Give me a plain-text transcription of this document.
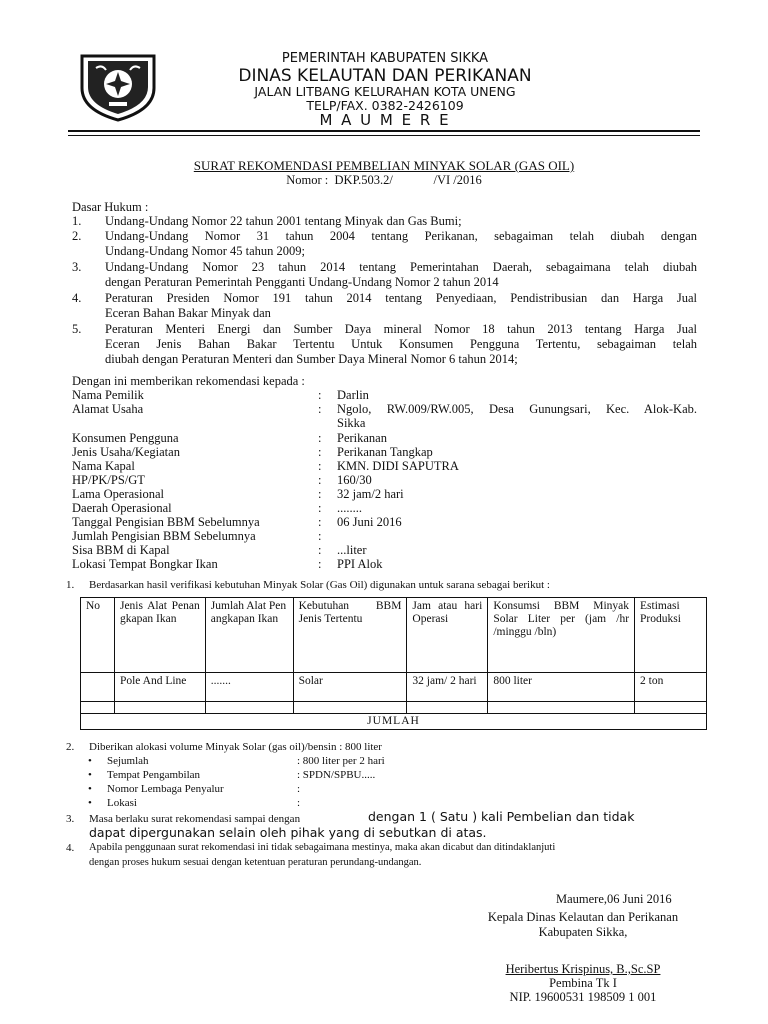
PEMERINTAH KABUPATEN SIKKA
DINAS KELAUTAN DAN PERIKANAN
JALAN LITBANG KELURAHAN KOTA UNENG
TELP/FAX. 0382-2426109
M A U M E R E
SURAT REKOMENDASI PEMBELIAN MINYAK SOLAR (GAS OIL)
Nomor :  DKP.503.2/             /VI /2016
Dasar Hukum :
1. Undang-Undang Nomor 22 tahun 2001 tentang Minyak dan Gas Bumi;
2. Undang-Undang Nomor 31 tahun 2004 tentang Perikanan, sebagaiman telah diubah dengan
Undang-Undang Nomor 45 tahun 2009;
3. Undang-Undang Nomor 23 tahun 2014 tentang Pemerintahan Daerah, sebagaimana telah diubah
dengan Peraturan Pemerintah Pengganti Undang-Undang Nomor 2 tahun 2014
4. Peraturan Presiden Nomor 191 tahun 2014 tentang Penyediaan, Pendistribusian dan Harga Jual
Eceran Bahan Bakar Minyak dan
5. Peraturan Menteri Energi dan Sumber Daya mineral Nomor 18 tahun 2013 tentang Harga Jual
Eceran Jenis Bahan Bakar Tertentu Untuk Konsumen Pengguna Tertentu, sebagaiman telah
diubah dengan Peraturan Menteri dan Sumber Daya Mineral Nomor 6 tahun 2014;
Dengan ini memberikan rekomendasi kepada :
Nama Pemilik	: Darlin
Alamat Usaha	: Ngolo, RW.009/RW.005, Desa Gunungsari, Kec. Alok-Kab.
Sikka
Konsumen Pengguna	: Perikanan
Jenis Usaha/Kegiatan	: Perikanan Tangkap
Nama Kapal	: KMN. DIDI SAPUTRA
HP/PK/PS/GT	: 160/30
Lama Operasional	: 32 jam/2 hari
Daerah Operasional	: ........
Tanggal Pengisian BBM Sebelumnya	: 06 Juni 2016
Jumlah Pengisian BBM Sebelumnya	:
Sisa BBM di Kapal	: ...liter
Lokasi Tempat Bongkar Ikan	: PPI Alok
1. Berdasarkan hasil verifikasi kebutuhan Minyak Solar (Gas Oil) digunakan untuk sarana sebagai berikut :
No	Jenis Alat Penangkapan Ikan	Jumlah Alat Penangkapan Ikan	Kebutuhan BBM Jenis Tertentu	Jam atau hari Operasi	Konsumsi BBM Minyak Solar Liter per (jam /hr /minggu /bln)	Estimasi Produksi
	Pole And Line	.......	Solar	32 jam/ 2 hari	800 liter	2 ton

JUMLAH						
2. Diberikan alokasi volume Minyak Solar (gas oil)/bensin : 800 liter
• Sejumlah	: 800 liter per 2 hari
• Tempat Pengambilan	: SPDN/SPBU.....
• Nomor Lembaga Penyalur	:
• Lokasi	:
3. Masa berlaku surat rekomendasi sampai dengan	dengan 1 ( Satu ) kali Pembelian dan tidak
dapat dipergunakan selain oleh pihak yang di sebutkan di atas.
4. Apabila penggunaan surat rekomendasi ini tidak sebagaimana mestinya, maka akan dicabut dan ditindaklanjuti
dengan proses hukum sesuai dengan ketentuan peraturan perundang-undangan.
Maumere,06 Juni 2016
Kepala Dinas Kelautan dan Perikanan
Kabupaten Sikka,
Heribertus Krispinus, B.,Sc.SP
Pembina Tk I
NIP. 19600531 198509 1 001
